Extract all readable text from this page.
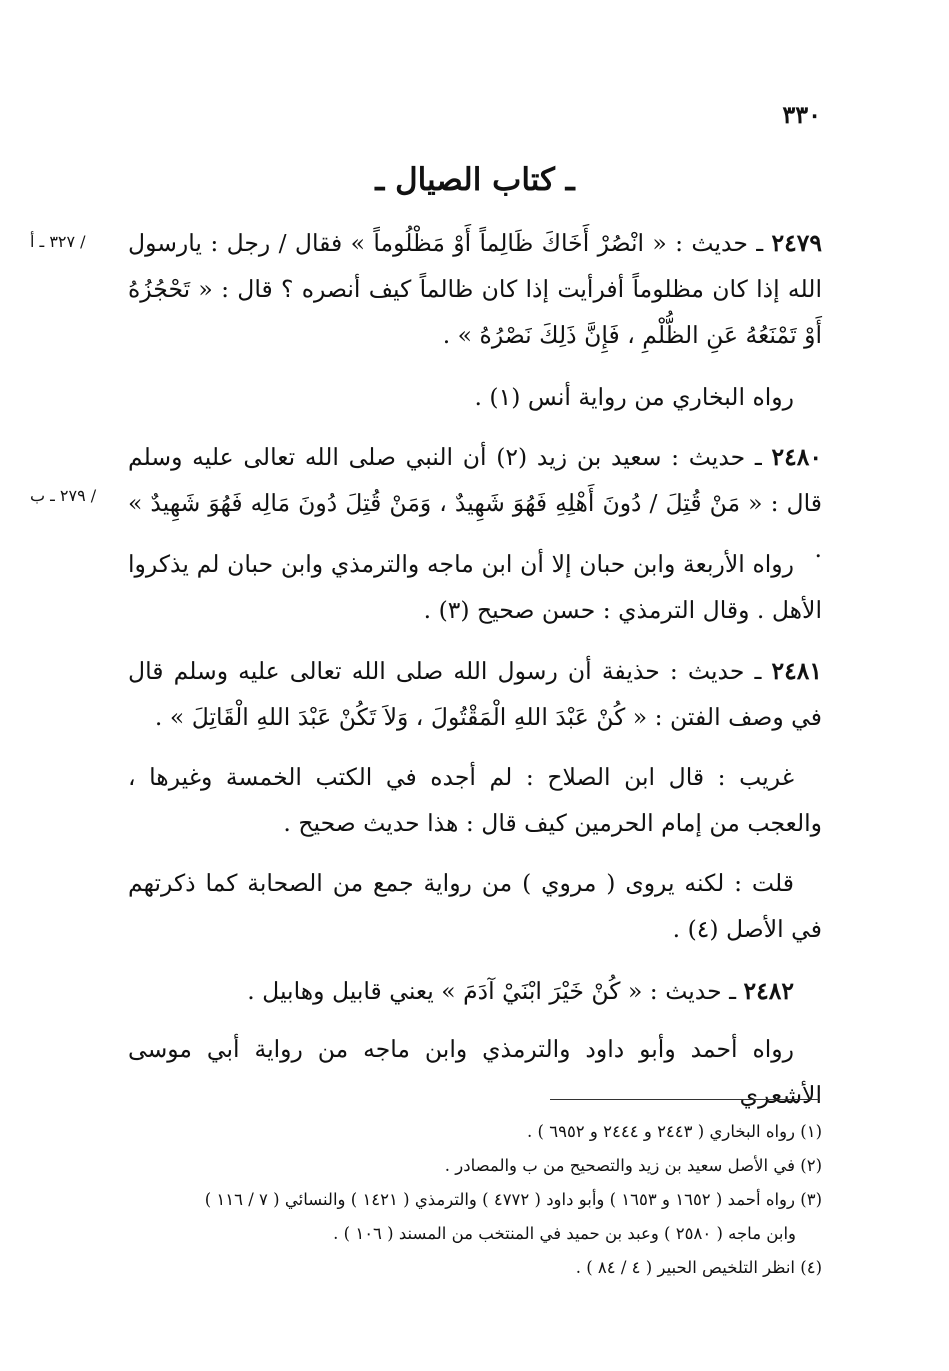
٣٣٠
ـ كتاب الصيال ـ
/ ٣٢٧ ـ أ
/ ٢٧٩ ـ ب
٢٤٧٩ ـ حديث : « انْصُرْ أَخَاكَ ظَالِماً أَوْ مَظْلُوماً » فقال / رجل : يارسول الله إذا كان مظلوماً أفرأيت إذا كان ظالماً كيف أنصره ؟ قال : « تَحْجُزُهُ أَوْ تَمْنَعُهُ عَنِ الظُّلْمِ ، فَإِنَّ ذَلِكَ نَصْرُهُ » .
رواه البخاري من رواية أنس (١) .
٢٤٨٠ ـ حديث : سعيد بن زيد (٢) أن النبي صلى الله تعالى عليه وسلم قال : « مَنْ قُتِلَ / دُونَ أَهْلِهِ فَهُوَ شَهِيدٌ ، وَمَنْ قُتِلَ دُونَ مَالِه فَهُوَ شَهِيدٌ » .
رواه الأربعة وابن حبان إلا أن ابن ماجه والترمذي وابن حبان لم يذكروا الأهل . وقال الترمذي : حسن صحيح (٣) .
٢٤٨١ ـ حديث : حذيفة أن رسول الله صلى الله تعالى عليه وسلم قال في وصف الفتن : « كُنْ عَبْدَ اللهِ الْمَقْتُولَ ، وَلاَ تَكُنْ عَبْدَ اللهِ الْقَاتِلَ » .
غريب : قال ابن الصلاح : لم أجده في الكتب الخمسة وغيرها ، والعجب من إمام الحرمين كيف قال : هذا حديث صحيح .
قلت : لكنه يروى ( مروي ) من رواية جمع من الصحابة كما ذكرتهم في الأصل (٤) .
٢٤٨٢ ـ حديث : « كُنْ خَيْرَ ابْنَيْ آدَمَ » يعني قابيل وهابيل .
رواه أحمد وأبو داود والترمذي وابن ماجه من رواية أبي موسى الأشعري
(١) رواه البخاري ( ٢٤٤٣ و ٢٤٤٤ و ٦٩٥٢ ) .
(٢) في الأصل سعيد بن زيد والتصحيح من ب والمصادر .
(٣) رواه أحمد ( ١٦٥٢ و ١٦٥٣ ) وأبو داود ( ٤٧٧٢ ) والترمذي ( ١٤٢١ ) والنسائي ( ٧ / ١١٦ )
وابن ماجه ( ٢٥٨٠ ) وعبد بن حميد في المنتخب من المسند ( ١٠٦ ) .
(٤) انظر التلخيص الحبير ( ٤ / ٨٤ ) .
